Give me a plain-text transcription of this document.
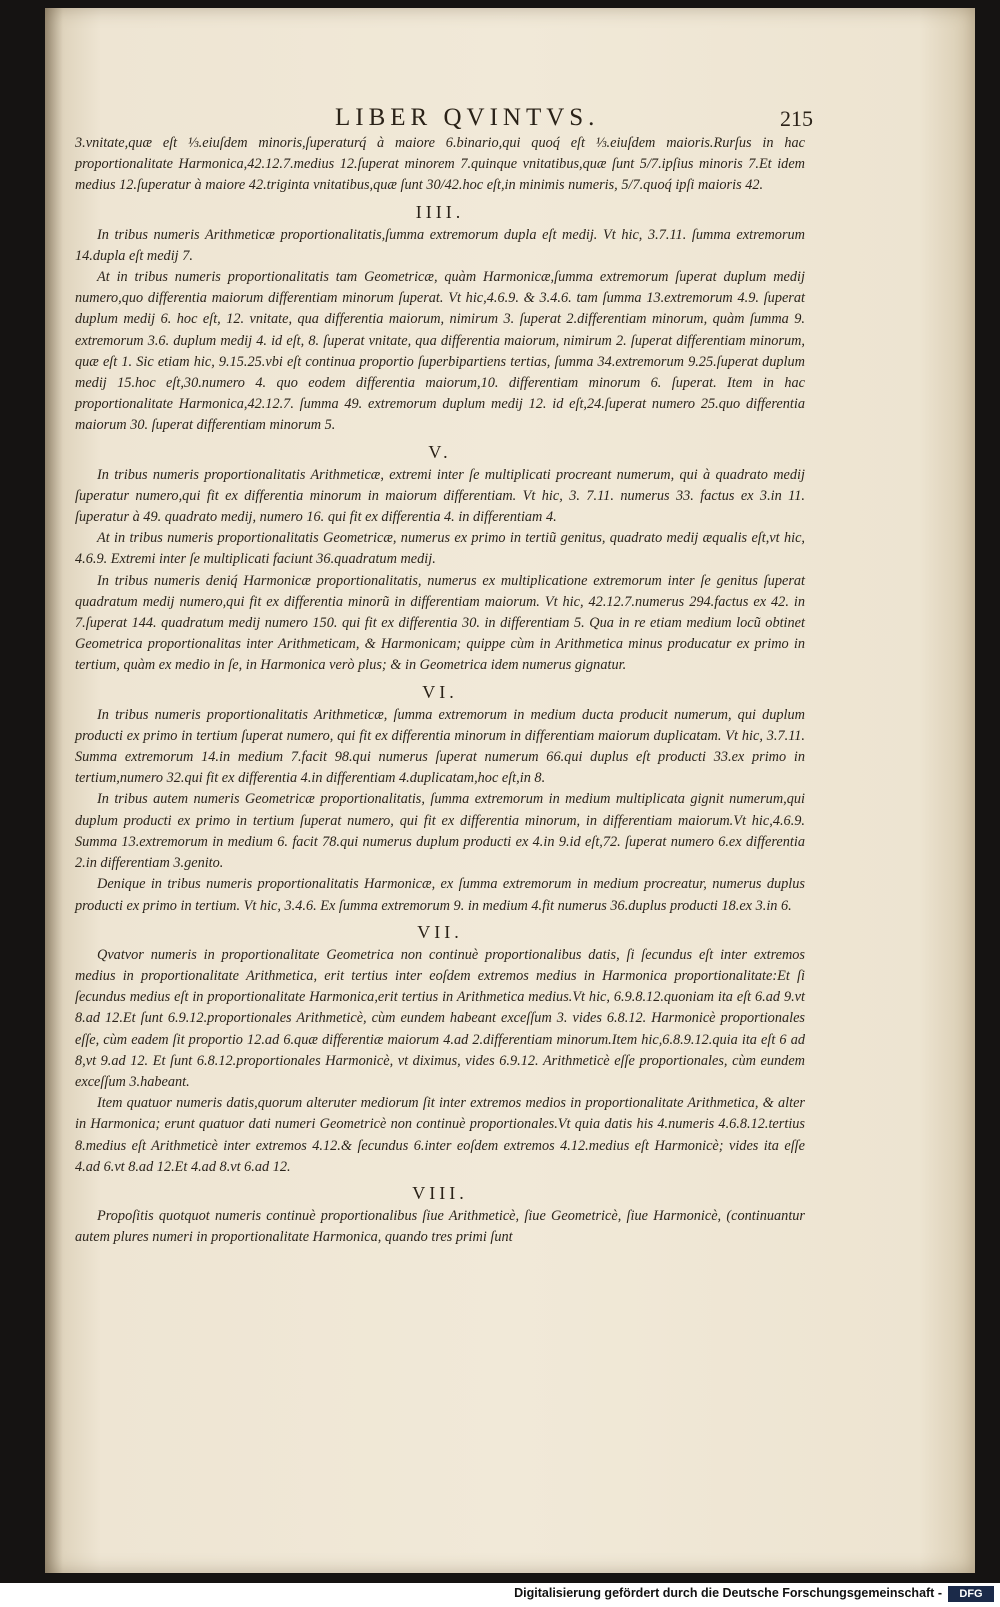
LIBER QVINTVS.	215

3.vnitate,quæ eſt ⅓.eiuſdem minoris,ſuperaturq́ à maiore 6.binario,qui quoq́ eſt ⅓.eiuſdem maioris.Rurſus in hac proportionalitate Harmonica,42.12.7.medius 12.ſuperat minorem 7.quinque vnitatibus,quæ ſunt 5/7.ipſius minoris 7.Et idem medius 12.ſuperatur à maiore 42.triginta vnitatibus,quæ ſunt 30/42.hoc eſt,in minimis numeris, 5/7.quoq́ ipſi maioris 42.

IIII.

In tribus numeris Arithmeticæ proportionalitatis,ſumma extremorum dupla eſt medij. Vt hic, 3.7.11. ſumma extremorum 14.dupla eſt medij 7.

At in tribus numeris proportionalitatis tam Geometricæ, quàm Harmonicæ,ſumma extremorum ſuperat duplum medij numero,quo differentia maiorum differentiam minorum ſuperat. Vt hic,4.6.9. & 3.4.6. tam ſumma 13.extremorum 4.9. ſuperat duplum medij 6. hoc eſt, 12. vnitate, qua differentia maiorum, nimirum 3. ſuperat 2.differentiam minorum, quàm ſumma 9. extremorum 3.6. duplum medij 4. id eſt, 8. ſuperat vnitate, qua differentia maiorum, nimirum 2. ſuperat differentiam minorum, quæ eſt 1. Sic etiam hic, 9.15.25.vbi eſt continua proportio ſuperbipartiens tertias, ſumma 34.extremorum 9.25.ſuperat duplum medij 15.hoc eſt,30.numero 4. quo eodem differentia maiorum,10. differentiam minorum 6. ſuperat. Item in hac proportionalitate Harmonica,42.12.7. ſumma 49. extremorum duplum medij 12. id eſt,24.ſuperat numero 25.quo differentia maiorum 30. ſuperat differentiam minorum 5.

V.

In tribus numeris proportionalitatis Arithmeticæ, extremi inter ſe multiplicati procreant numerum, qui à quadrato medij ſuperatur numero,qui fit ex differentia minorum in maiorum differentiam. Vt hic, 3. 7.11. numerus 33. factus ex 3.in 11. ſuperatur à 49. quadrato medij, numero 16. qui fit ex differentia 4. in differentiam 4.

At in tribus numeris proportionalitatis Geometricæ, numerus ex primo in tertiũ genitus, quadrato medij æqualis eſt,vt hic, 4.6.9. Extremi inter ſe multiplicati faciunt 36.quadratum medij.

In tribus numeris deniq́ Harmonicæ proportionalitatis, numerus ex multiplicatione extremorum inter ſe genitus ſuperat quadratum medij numero,qui fit ex differentia minorũ in differentiam maiorum. Vt hic, 42.12.7.numerus 294.factus ex 42. in 7.ſuperat 144. quadratum medij numero 150. qui fit ex differentia 30. in differentiam 5. Qua in re etiam medium locũ obtinet Geometrica proportionalitas inter Arithmeticam, & Harmonicam; quippe cùm in Arithmetica minus producatur ex primo in tertium, quàm ex medio in ſe, in Harmonica verò plus; & in Geometrica idem numerus gignatur.

VI.

In tribus numeris proportionalitatis Arithmeticæ, ſumma extremorum in medium ducta producit numerum, qui duplum producti ex primo in tertium ſuperat numero, qui fit ex differentia minorum in differentiam maiorum duplicatam. Vt hic, 3.7.11. Summa extremorum 14.in medium 7.facit 98.qui numerus ſuperat numerum 66.qui duplus eſt producti 33.ex primo in tertium,numero 32.qui fit ex differentia 4.in differentiam 4.duplicatam,hoc eſt,in 8.

In tribus autem numeris Geometricæ proportionalitatis, ſumma extremorum in medium multiplicata gignit numerum,qui duplum producti ex primo in tertium ſuperat numero, qui fit ex differentia minorum, in differentiam maiorum.Vt hic,4.6.9. Summa 13.extremorum in medium 6. facit 78.qui numerus duplum producti ex 4.in 9.id eſt,72. ſuperat numero 6.ex differentia 2.in differentiam 3.genito.

Denique in tribus numeris proportionalitatis Harmonicæ, ex ſumma extremorum in medium procreatur, numerus duplus producti ex primo in tertium. Vt hic, 3.4.6. Ex ſumma extremorum 9. in medium 4.fit numerus 36.duplus producti 18.ex 3.in 6.

VII.

Qvatvor numeris in proportionalitate Geometrica non continuè proportionalibus datis, ſi ſecundus eſt inter extremos medius in proportionalitate Arithmetica, erit tertius inter eoſdem extremos medius in Harmonica proportionalitate:Et ſi ſecundus medius eſt in proportionalitate Harmonica,erit tertius in Arithmetica medius.Vt hic, 6.9.8.12.quoniam ita eſt 6.ad 9.vt 8.ad 12.Et ſunt 6.9.12.proportionales Arithmeticè, cùm eundem habeant exceſſum 3. vides 6.8.12. Harmonicè proportionales eſſe, cùm eadem ſit proportio 12.ad 6.quæ differentiæ maiorum 4.ad 2.differentiam minorum.Item hic,6.8.9.12.quia ita eſt 6 ad 8,vt 9.ad 12. Et ſunt 6.8.12.proportionales Harmonicè, vt diximus, vides 6.9.12. Arithmeticè eſſe proportionales, cùm eundem exceſſum 3.habeant.

Item quatuor numeris datis,quorum alteruter mediorum ſit inter extremos medios in proportionalitate Arithmetica, & alter in Harmonica; erunt quatuor dati numeri Geometricè non continuè proportionales.Vt quia datis his 4.numeris 4.6.8.12.tertius 8.medius eſt Arithmeticè inter extremos 4.12.& ſecundus 6.inter eoſdem extremos 4.12.medius eſt Harmonicè; vides ita eſſe 4.ad 6.vt 8.ad 12.Et 4.ad 8.vt 6.ad 12.

VIII.

Propoſitis quotquot numeris continuè proportionalibus ſiue Arithmeticè, ſiue Geometricè, ſiue Harmonicè, (continuantur autem plures numeri in proportionalitate Harmonica, quando tres primi ſunt

Digitalisierung gefördert durch die Deutsche Forschungsgemeinschaft -	DFG
